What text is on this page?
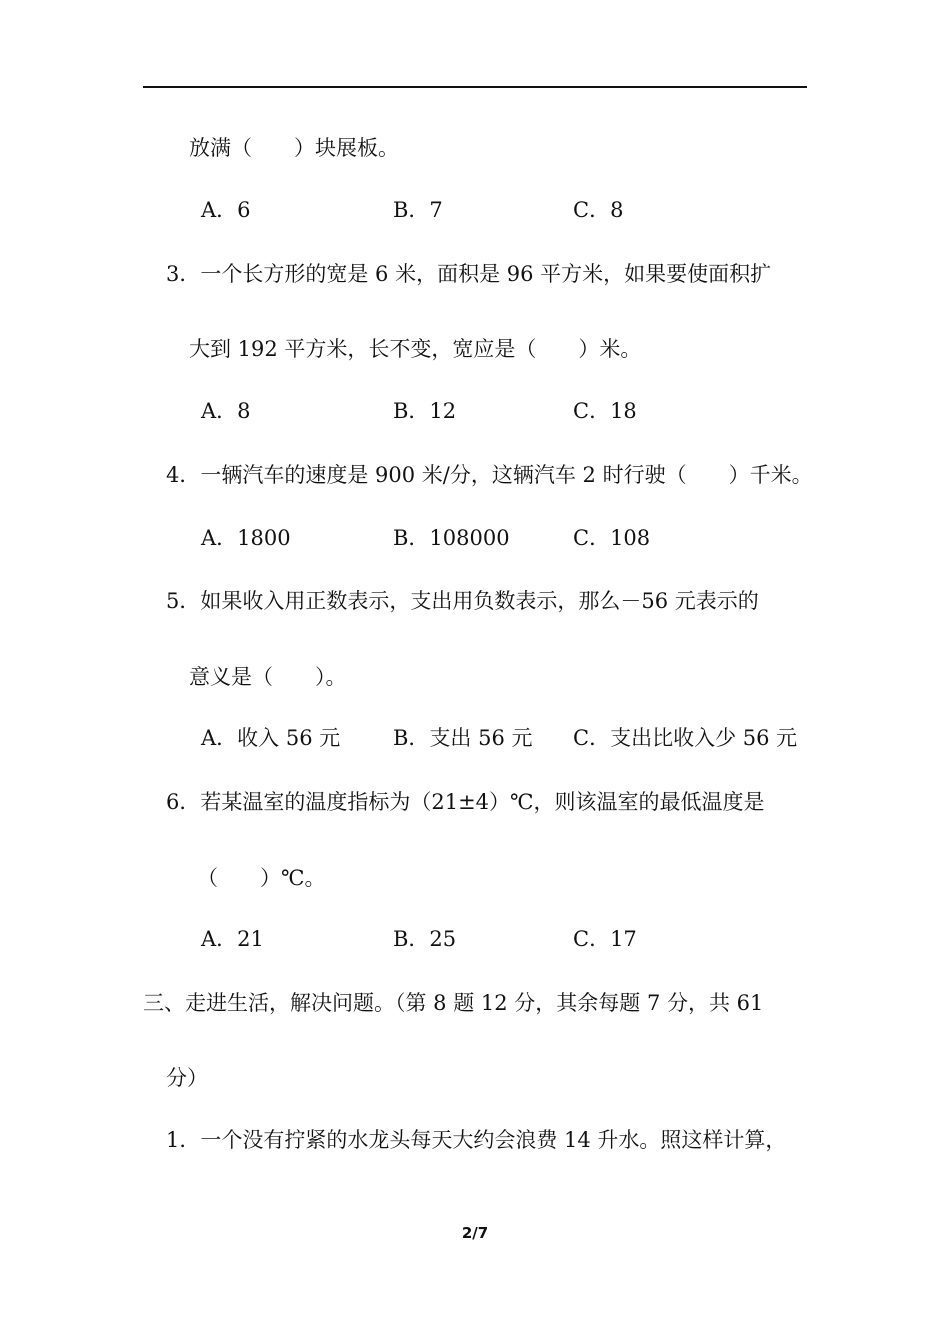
放满（　　）块展板。
A．6	B．7	C．8
3．一个长方形的宽是 6 米，面积是 96 平方米，如果要使面积扩
大到 192 平方米，长不变，宽应是（　　）米。
A．8	B．12	C．18
4．一辆汽车的速度是 900 米/分，这辆汽车 2 时行驶（　　）千米。
A．1800	B．108000	C．108
5．如果收入用正数表示，支出用负数表示，那么－56 元表示的
意义是（　　）。
A．收入 56 元	B．支出 56 元 C．支出比收入少 56 元
6．若某温室的温度指标为（21±4）℃，则该温室的最低温度是
（　　）℃。
A．21	B．25	C．17
三、走进生活，解决问题。（第 8 题 12 分，其余每题 7 分，共 61
分）
1．一个没有拧紧的水龙头每天大约会浪费 14 升水。照这样计算，
2/7
